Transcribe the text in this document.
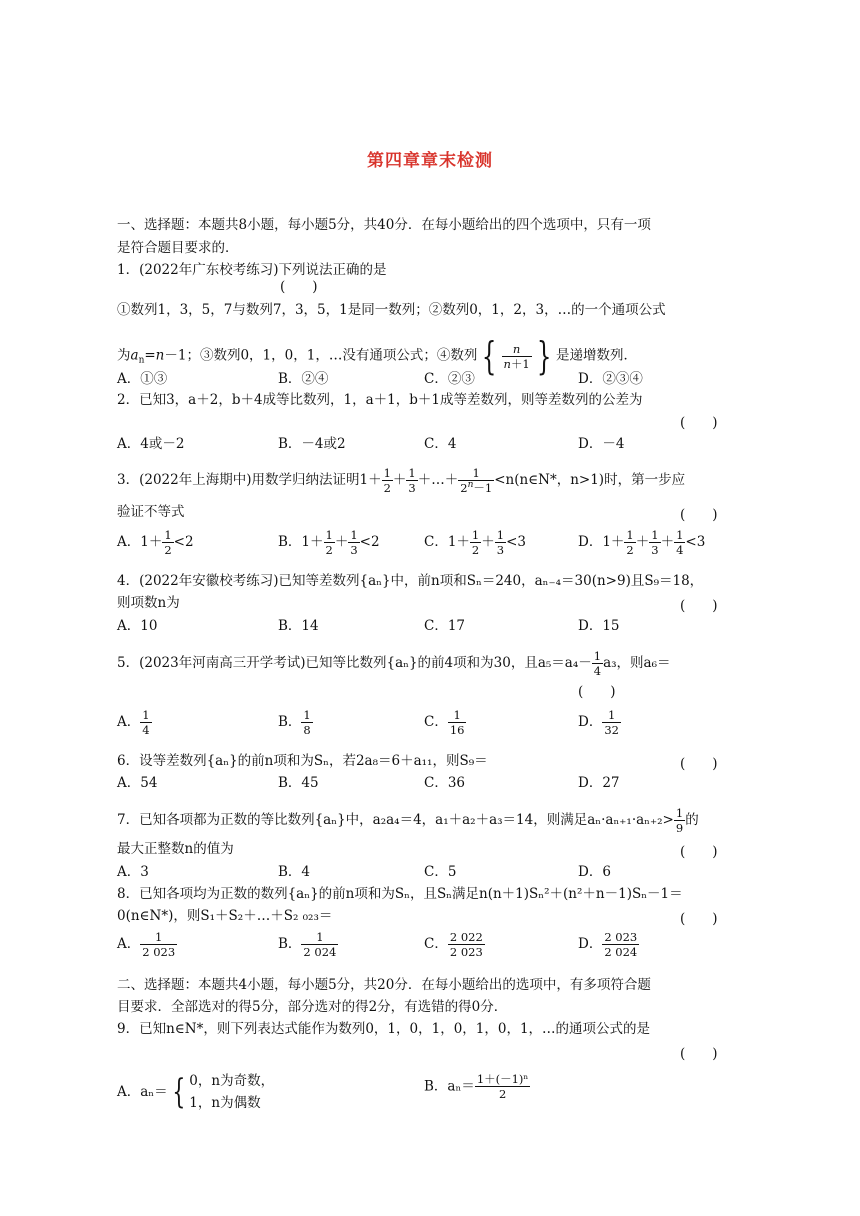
第四章章末检测
一、选择题：本题共8小题，每小题5分，共40分．在每小题给出的四个选项中，只有一项
是符合题目要求的．
1．(2022年广东校考练习)下列说法正确的是
(　　)
①数列1，3，5，7与数列7，3，5，1是同一数列；②数列0，1，2，3，…的一个通项公式
为$a_n=n-1$；③数列0，1，0，1，…没有通项公式；④数列 { $\frac{n}{n+1}$ } 是递增数列．
A．①③	B．②④	C．②③	D．②③④
2．已知3，a＋2，b＋4成等比数列，1，a＋1，b＋1成等差数列，则等差数列的公差为
(　　)
A．4或－2	B．－4或2	C．4	D．－4
3．(2022年上海期中)用数学归纳法证明$1+ \frac{1}{2} + \frac{1}{3}$ ＋…＋ $\frac{1}{2^n-1}$ <n(n∈N*，n>1)时，第一步应
验证不等式	(　　)
A．$1+ \frac{1}{2} <2$	B．$1+ \frac{1}{2} + \frac{1}{3} <2$	C．$1+ \frac{1}{2} + \frac{1}{3} <3$	D．$1+ \frac{1}{2} + \frac{1}{3} + \frac{1}{4} <3$
4．(2022年安徽校考练习)已知等差数列{aₙ}中，前n项和Sₙ＝240，aₙ₋₄＝30(n>9)且S₉＝18，
则项数n为	(　　)
A．10	B．14	C．17	D．15
5．(2023年河南高三开学考试)已知等比数列{aₙ}的前4项和为30，且$a_5=a_4- \frac{1}{4} a_3$，则a₆＝
(　　)
A． $\frac{1}{4}$	B． $\frac{1}{8}$	C． $\frac{1}{16}$	D． $\frac{1}{32}$
6．设等差数列{aₙ}的前n项和为Sₙ，若2a₈＝6＋a₁₁，则S₉＝	(　　)
A．54	B．45	C．36	D．27
7．已知各项都为正数的等比数列{aₙ}中，a₂a₄＝4，a₁＋a₂＋a₃＝14，则满足$a_n\cdot a_{n+1}\cdot a_{n+2}> \frac{1}{9}$ 的
最大正整数n的值为	(　　)
A．3	B．4	C．5	D．6
8．已知各项均为正数的数列{aₙ}的前n项和为Sₙ，且Sₙ满足n(n＋1)Sₙ²＋(n²＋n－1)Sₙ－1＝
0(n∈N*)，则S₁＋S₂＋…＋S₂ ₀₂₃＝	(　　)
A． $\frac{1}{2 023}$	B． $\frac{1}{2 024}$	C． $\frac{2 022}{2 023}$	D． $\frac{2 023}{2 024}$
二、选择题：本题共4小题，每小题5分，共20分．在每小题给出的选项中，有多项符合题
目要求．全部选对的得5分，部分选对的得2分，有选错的得0分．
9．已知n∈N*，则下列表达式能作为数列0，1，0，1，0，1，0，1，…的通项公式的是
(　　)
A．aₙ＝ { 0，n为奇数，
1，n为偶数
B．$a_n= \frac{\text{1＋(－1)ⁿ}}{2}$
